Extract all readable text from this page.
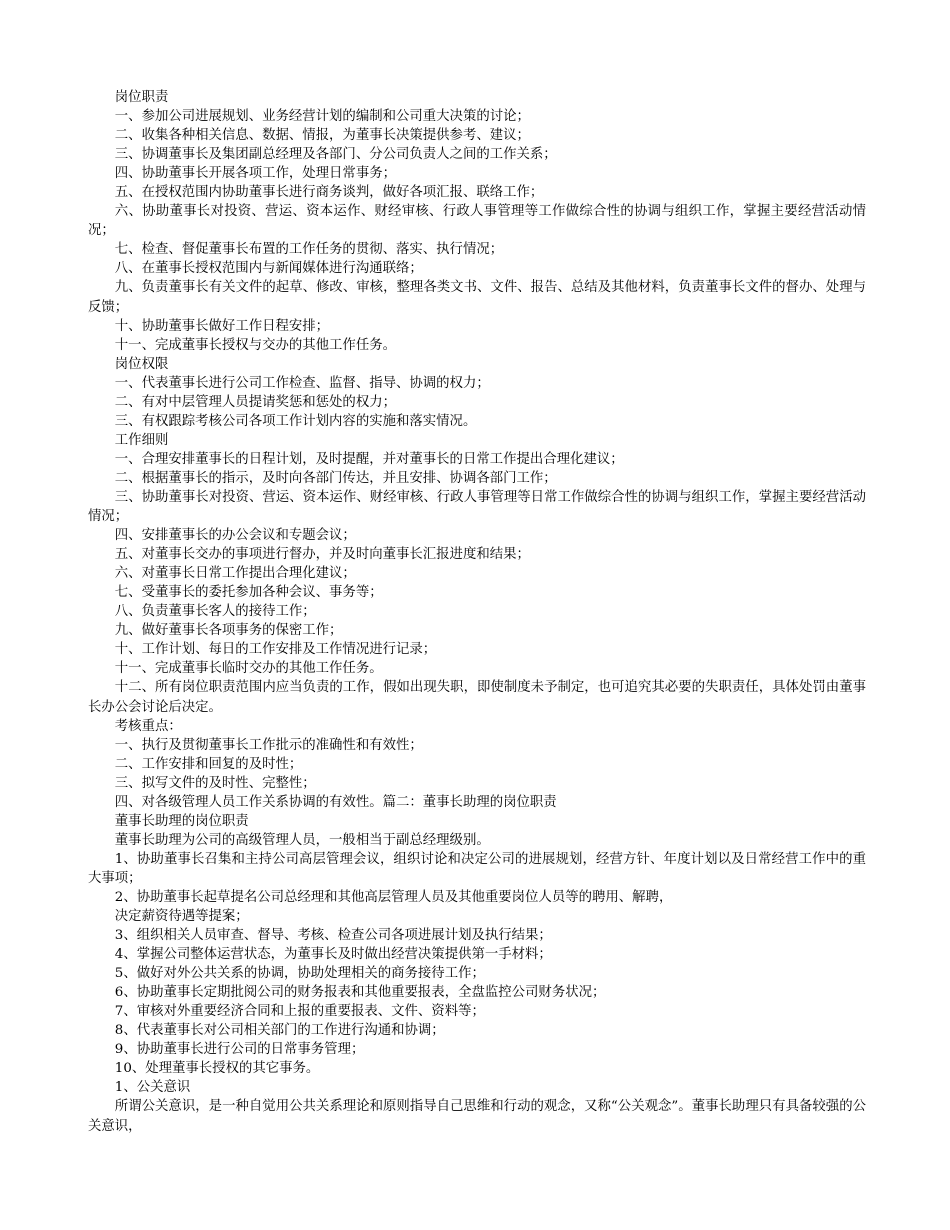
岗位职责

一、参加公司进展规划、业务经营计划的编制和公司重大决策的讨论；

二、收集各种相关信息、数据、情报，为董事长决策提供参考、建议；

三、协调董事长及集团副总经理及各部门、分公司负责人之间的工作关系；

四、协助董事长开展各项工作，处理日常事务；

五、在授权范围内协助董事长进行商务谈判，做好各项汇报、联络工作；

六、协助董事长对投资、营运、资本运作、财经审核、行政人事管理等工作做综合性的协调与组织工作，掌握主要经营活动情况；

七、检查、督促董事长布置的工作任务的贯彻、落实、执行情况；

八、在董事长授权范围内与新闻媒体进行沟通联络；

九、负责董事长有关文件的起草、修改、审核，整理各类文书、文件、报告、总结及其他材料，负责董事长文件的督办、处理与反馈；

十、协助董事长做好工作日程安排；

十一、完成董事长授权与交办的其他工作任务。

岗位权限

一、代表董事长进行公司工作检查、监督、指导、协调的权力；

二、有对中层管理人员提请奖惩和惩处的权力；

三、有权跟踪考核公司各项工作计划内容的实施和落实情况。

工作细则

一、合理安排董事长的日程计划，及时提醒，并对董事长的日常工作提出合理化建议；

二、根据董事长的指示，及时向各部门传达，并且安排、协调各部门工作；

三、协助董事长对投资、营运、资本运作、财经审核、行政人事管理等日常工作做综合性的协调与组织工作，掌握主要经营活动情况；

四、安排董事长的办公会议和专题会议；

五、对董事长交办的事项进行督办，并及时向董事长汇报进度和结果；

六、对董事长日常工作提出合理化建议；

七、受董事长的委托参加各种会议、事务等；

八、负责董事长客人的接待工作；

九、做好董事长各项事务的保密工作；

十、工作计划、每日的工作安排及工作情况进行记录；

十一、完成董事长临时交办的其他工作任务。

十二、所有岗位职责范围内应当负责的工作，假如出现失职，即使制度未予制定，也可追究其必要的失职责任，具体处罚由董事长办公会讨论后决定。

考核重点：

一、执行及贯彻董事长工作批示的准确性和有效性；

二、工作安排和回复的及时性；

三、拟写文件的及时性、完整性；

四、对各级管理人员工作关系协调的有效性。篇二：董事长助理的岗位职责

董事长助理的岗位职责

董事长助理为公司的高级管理人员，一般相当于副总经理级别。

1、协助董事长召集和主持公司高层管理会议，组织讨论和决定公司的进展规划，经营方针、年度计划以及日常经营工作中的重大事项；

2、协助董事长起草提名公司总经理和其他高层管理人员及其他重要岗位人员等的聘用、解聘，

决定薪资待遇等提案；

3、组织相关人员审查、督导、考核、检查公司各项进展计划及执行结果；

4、掌握公司整体运营状态，为董事长及时做出经营决策提供第一手材料；

5、做好对外公共关系的协调，协助处理相关的商务接待工作；

6、协助董事长定期批阅公司的财务报表和其他重要报表，全盘监控公司财务状况；

7、审核对外重要经济合同和上报的重要报表、文件、资料等；

8、代表董事长对公司相关部门的工作进行沟通和协调；

9、协助董事长进行公司的日常事务管理；

10、处理董事长授权的其它事务。

1、公关意识

所谓公关意识，是一种自觉用公共关系理论和原则指导自己思维和行动的观念，又称“公关观念”。董事长助理只有具备较强的公关意识，
